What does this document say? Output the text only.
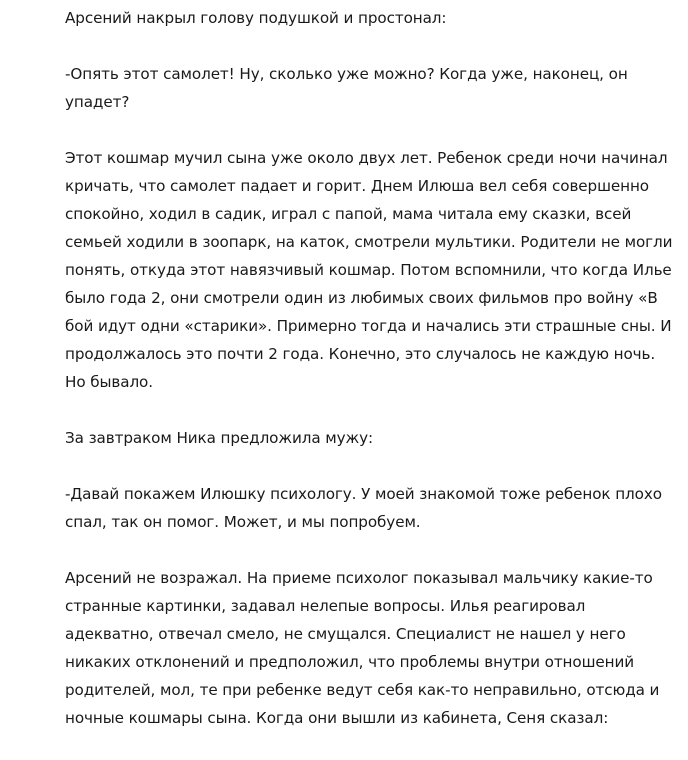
Арсений накрыл голову подушкой и простонал:

-Опять этот самолет! Ну, сколько уже можно? Когда уже, наконец, он
упадет?

Этот кошмар мучил сына уже около двух лет. Ребенок среди ночи начинал
кричать, что самолет падает и горит. Днем Илюша вел себя совершенно
спокойно, ходил в садик, играл с папой, мама читала ему сказки, всей
семьей ходили в зоопарк, на каток, смотрели мультики. Родители не могли
понять, откуда этот навязчивый кошмар. Потом вспомнили, что когда Илье
было года 2, они смотрели один из любимых своих фильмов про войну «В
бой идут одни «старики». Примерно тогда и начались эти страшные сны. И
продолжалось это почти 2 года. Конечно, это случалось не каждую ночь.
Но бывало.

За завтраком Ника предложила мужу:

-Давай покажем Илюшку психологу. У моей знакомой тоже ребенок плохо
спал, так он помог. Может, и мы попробуем.

Арсений не возражал. На приеме психолог показывал мальчику какие-то
странные картинки, задавал нелепые вопросы. Илья реагировал
адекватно, отвечал смело, не смущался. Специалист не нашел у него
никаких отклонений и предположил, что проблемы внутри отношений
родителей, мол, те при ребенке ведут себя как-то неправильно, отсюда и
ночные кошмары сына. Когда они вышли из кабинета, Сеня сказал:
